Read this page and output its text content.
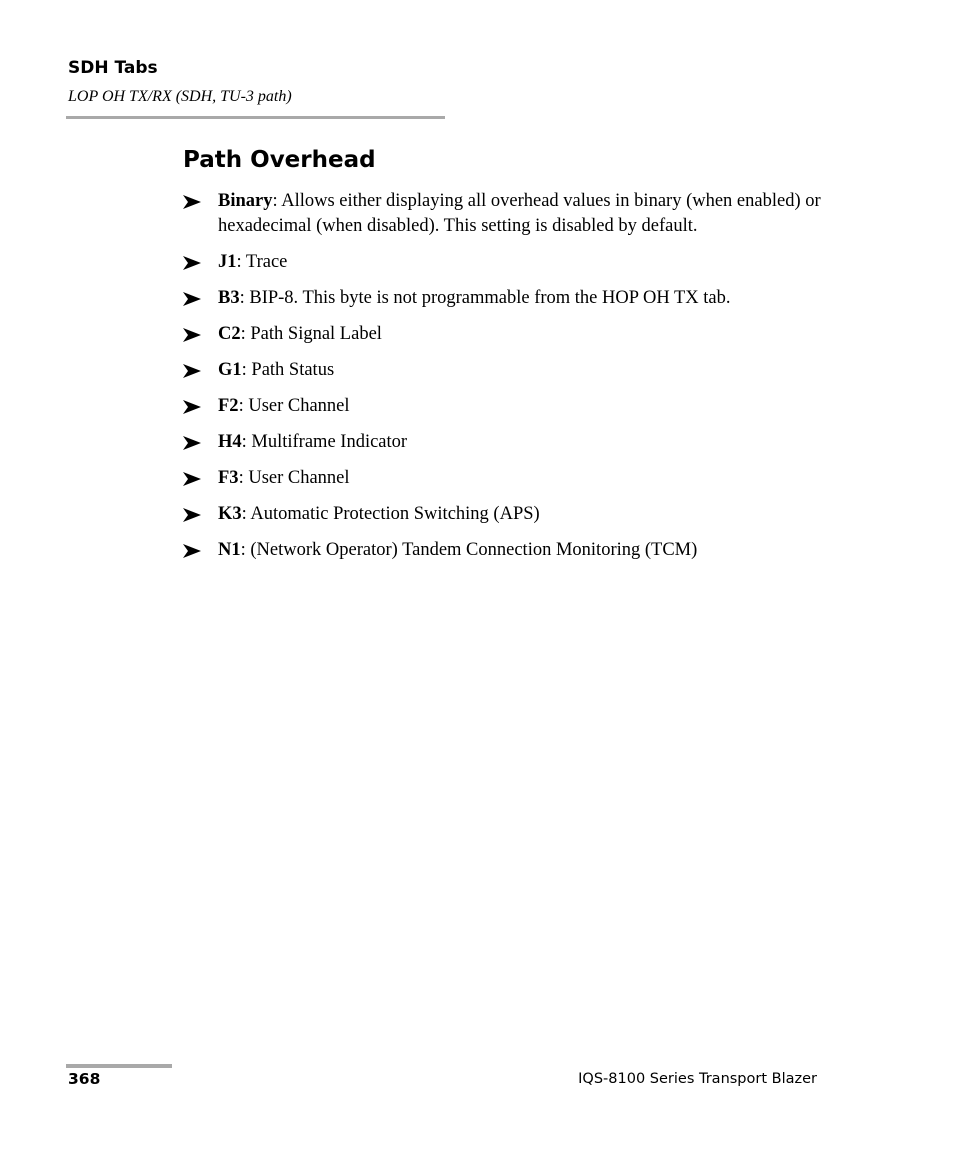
SDH Tabs
LOP OH TX/RX (SDH, TU-3 path)
Path Overhead
Binary: Allows either displaying all overhead values in binary (when enabled) or hexadecimal (when disabled). This setting is disabled by default.
J1: Trace
B3: BIP-8. This byte is not programmable from the HOP OH TX tab.
C2: Path Signal Label
G1: Path Status
F2: User Channel
H4: Multiframe Indicator
F3: User Channel
K3: Automatic Protection Switching (APS)
N1: (Network Operator) Tandem Connection Monitoring (TCM)
368	IQS-8100 Series Transport Blazer
